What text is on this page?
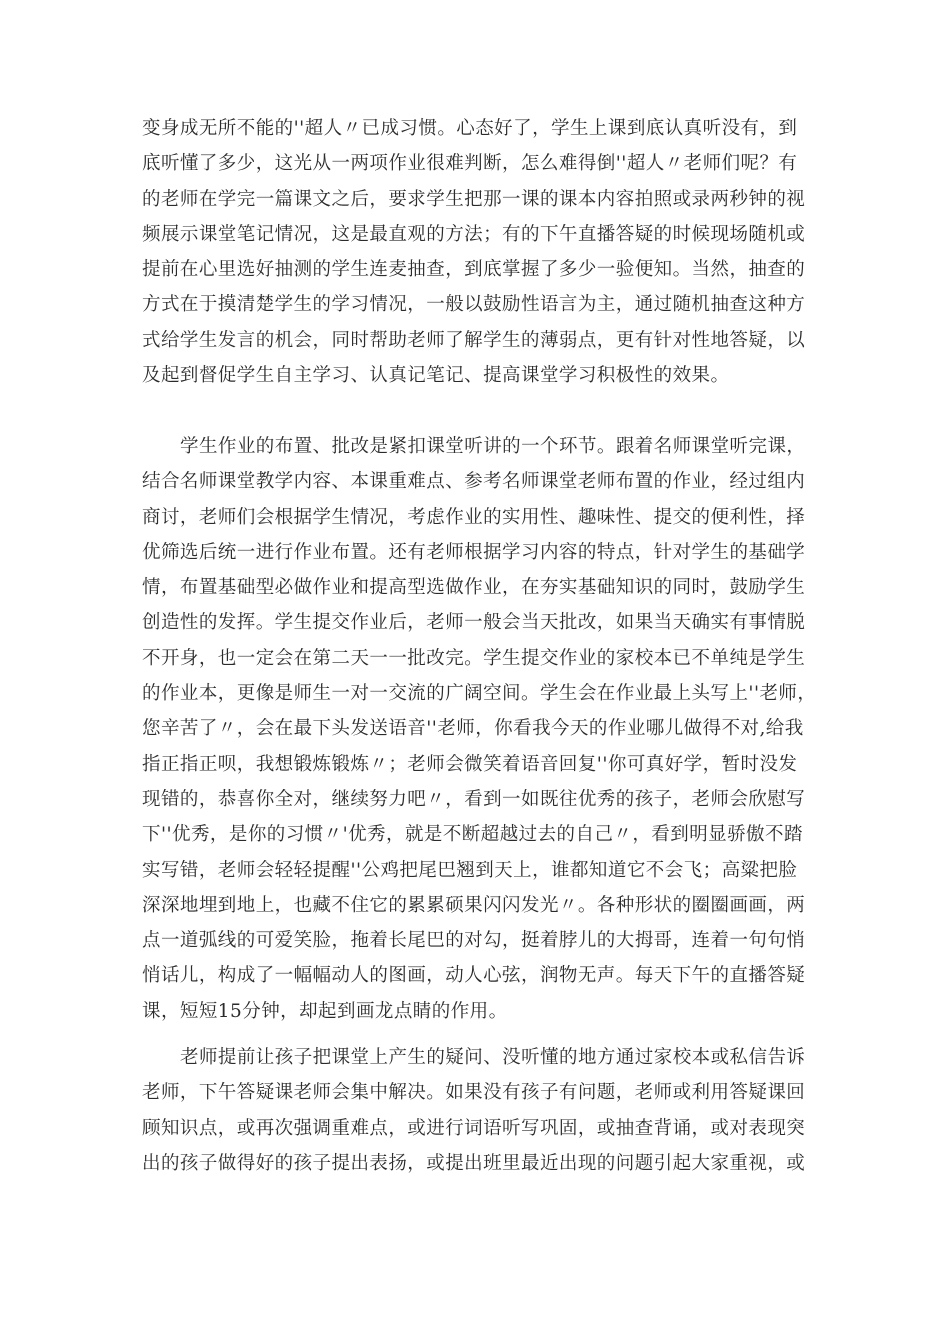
变身成无所不能的''超人〃已成习惯。心态好了，学生上课到底认真听没有，到
底听懂了多少，这光从一两项作业很难判断，怎么难得倒''超人〃老师们呢？有
的老师在学完一篇课文之后，要求学生把那一课的课本内容拍照或录两秒钟的视
频展示课堂笔记情况，这是最直观的方法；有的下午直播答疑的时候现场随机或
提前在心里选好抽测的学生连麦抽查，到底掌握了多少一验便知。当然，抽查的
方式在于摸清楚学生的学习情况，一般以鼓励性语言为主，通过随机抽查这种方
式给学生发言的机会，同时帮助老师了解学生的薄弱点，更有针对性地答疑，以
及起到督促学生自主学习、认真记笔记、提高课堂学习积极性的效果。
学生作业的布置、批改是紧扣课堂听讲的一个环节。跟着名师课堂听完课，
结合名师课堂教学内容、本课重难点、参考名师课堂老师布置的作业，经过组内
商讨，老师们会根据学生情况，考虑作业的实用性、趣味性、提交的便利性，择
优筛选后统一进行作业布置。还有老师根据学习内容的特点，针对学生的基础学
情，布置基础型必做作业和提高型选做作业，在夯实基础知识的同时，鼓励学生
创造性的发挥。学生提交作业后，老师一般会当天批改，如果当天确实有事情脱
不开身，也一定会在第二天一一批改完。学生提交作业的家校本已不单纯是学生
的作业本，更像是师生一对一交流的广阔空间。学生会在作业最上头写上''老师，
您辛苦了〃，会在最下头发送语音''老师，你看我今天的作业哪儿做得不对,给我
指正指正呗，我想锻炼锻炼〃；老师会微笑着语音回复''你可真好学，暂时没发
现错的，恭喜你全对，继续努力吧〃，看到一如既往优秀的孩子，老师会欣慰写
下''优秀，是你的习惯〃'优秀，就是不断超越过去的自己〃，看到明显骄傲不踏
实写错，老师会轻轻提醒''公鸡把尾巴翘到天上，谁都知道它不会飞；高粱把脸
深深地埋到地上，也藏不住它的累累硕果闪闪发光〃。各种形状的圈圈画画，两
点一道弧线的可爱笑脸，拖着长尾巴的对勾，挺着脖儿的大拇哥，连着一句句悄
悄话儿，构成了一幅幅动人的图画，动人心弦，润物无声。每天下午的直播答疑
课，短短15分钟，却起到画龙点睛的作用。
老师提前让孩子把课堂上产生的疑问、没听懂的地方通过家校本或私信告诉
老师，下午答疑课老师会集中解决。如果没有孩子有问题，老师或利用答疑课回
顾知识点，或再次强调重难点，或进行词语听写巩固，或抽查背诵，或对表现突
出的孩子做得好的孩子提出表扬，或提出班里最近出现的问题引起大家重视，或
